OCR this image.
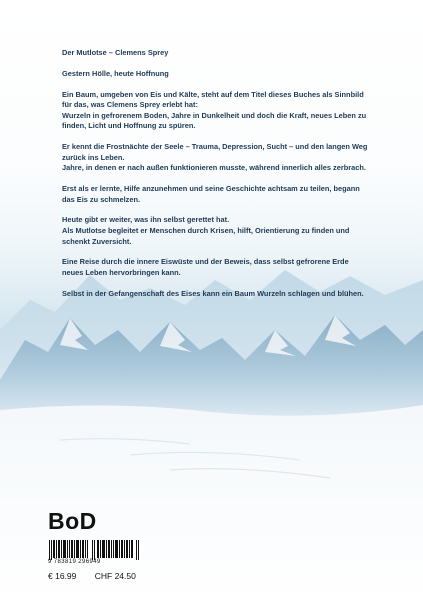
Der Mutlotse – Clemens Sprey

Gestern Hölle, heute Hoffnung

Ein Baum, umgeben von Eis und Kälte, steht auf dem Titel dieses Buches als Sinnbild für das, was Clemens Sprey erlebt hat:
Wurzeln in gefrorenem Boden, Jahre in Dunkelheit und doch die Kraft, neues Leben zu finden, Licht und Hoffnung zu spüren.

Er kennt die Frostnächte der Seele – Trauma, Depression, Sucht – und den langen Weg zurück ins Leben.
Jahre, in denen er nach außen funktionieren musste, während innerlich alles zerbrach.

Erst als er lernte, Hilfe anzunehmen und seine Geschichte achtsam zu teilen, begann das Eis zu schmelzen.

Heute gibt er weiter, was ihn selbst gerettet hat.
Als Mutlotse begleitet er Menschen durch Krisen, hilft, Orientierung zu finden und schenkt Zuversicht.

Eine Reise durch die innere Eiswüste und der Beweis, dass selbst gefrorene Erde neues Leben hervorbringen kann.

Selbst in der Gefangenschaft des Eises kann ein Baum Wurzeln schlagen und blühen.

BoD
9 783819 296949
€ 16.99 CHF 24.50
